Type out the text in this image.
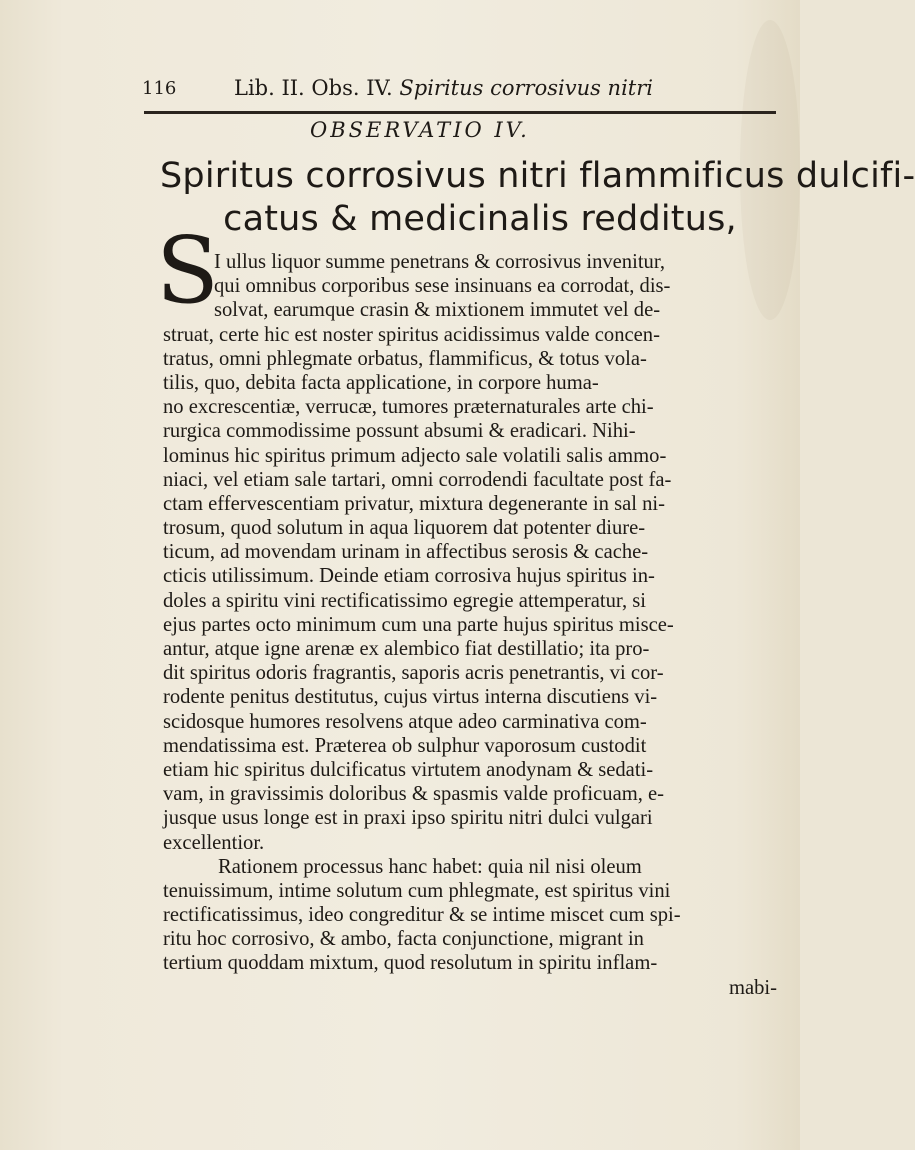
116	Lib. II. Obs. IV. Spiritus corrosivus nitri
OBSERVATIO IV.
Spiritus corrosivus nitri flammificus dulcifi-
catus & medicinalis redditus,
S
I ullus liquor summe penetrans & corrosivus invenitur,
qui omnibus corporibus sese insinuans ea corrodat, dis-
solvat, earumque crasin & mixtionem immutet vel de-
struat, certe hic est noster spiritus acidissimus valde concen-
tratus, omni phlegmate orbatus, flammificus, & totus vola-
tilis, quo, debita facta applicatione, in corpore huma-
no excrescentiæ, verrucæ, tumores præternaturales arte chi-
rurgica commodissime possunt absumi & eradicari. Nihi-
lominus hic spiritus primum adjecto sale volatili salis ammo-
niaci, vel etiam sale tartari, omni corrodendi facultate post fa-
ctam effervescentiam privatur, mixtura degenerante in sal ni-
trosum, quod solutum in aqua liquorem dat potenter diure-
ticum, ad movendam urinam in affectibus serosis & cache-
cticis utilissimum. Deinde etiam corrosiva hujus spiritus in-
doles a spiritu vini rectificatissimo egregie attemperatur, si
ejus partes octo minimum cum una parte hujus spiritus misce-
antur, atque igne arenæ ex alembico fiat destillatio; ita pro-
dit spiritus odoris fragrantis, saporis acris penetrantis, vi cor-
rodente penitus destitutus, cujus virtus interna discutiens vi-
scidosque humores resolvens atque adeo carminativa com-
mendatissima est. Præterea ob sulphur vaporosum custodit
etiam hic spiritus dulcificatus virtutem anodynam & sedati-
vam, in gravissimis doloribus & spasmis valde proficuam, e-
jusque usus longe est in praxi ipso spiritu nitri dulci vulgari
excellentior.
Rationem processus hanc habet: quia nil nisi oleum
tenuissimum, intime solutum cum phlegmate, est spiritus vini
rectificatissimus, ideo congreditur & se intime miscet cum spi-
ritu hoc corrosivo, & ambo, facta conjunctione, migrant in
tertium quoddam mixtum, quod resolutum in spiritu inflam-
mabi-
